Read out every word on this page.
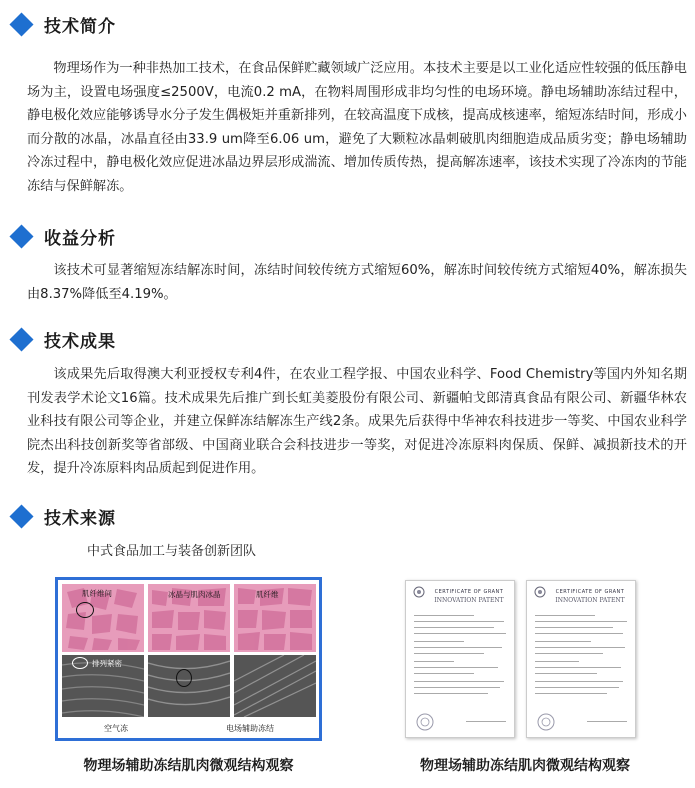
技术简介

物理场作为一种非热加工技术，在食品保鲜贮藏领域广泛应用。本技术主要是以工业化适应性较强的低压静电场为主，设置电场强度≤2500V，电流0.2 mA，在物料周围形成非均匀性的电场环境。静电场辅助冻结过程中，静电极化效应能够诱导水分子发生偶极矩并重新排列，在较高温度下成核，提高成核速率，缩短冻结时间，形成小而分散的冰晶，冰晶直径由33.9 um降至6.06 um，避免了大颗粒冰晶刺破肌肉细胞造成品质劣变；静电场辅助冷冻过程中，静电极化效应促进冰晶边界层形成湍流、增加传质传热，提高解冻速率，该技术实现了冷冻肉的节能冻结与保鲜解冻。

收益分析

该技术可显著缩短冻结解冻时间，冻结时间较传统方式缩短60%，解冻时间较传统方式缩短40%，解冻损失由8.37%降低至4.19%。

技术成果

该成果先后取得澳大利亚授权专利4件，在农业工程学报、中国农业科学、Food Chemistry等国内外知名期刊发表学术论文16篇。技术成果先后推广到长虹美菱股份有限公司、新疆帕戈郎清真食品有限公司、新疆华林农业科技有限公司等企业，并建立保鲜冻结解冻生产线2条。成果先后获得中华神农科技进步一等奖、中国农业科学院杰出科技创新奖等省部级、中国商业联合会科技进步一等奖，对促进冷冻原料肉保质、保鲜、减损新技术的开发，提升冷冻原料肉品质起到促进作用。

技术来源
中式食品加工与装备创新团队
肌纤维间	冰晶与肌肉冰晶	肌纤维
排列紧密
空气冻	电场辅助冻结
物理场辅助冻结肌肉微观结构观察
CERTIFICATE OF GRANT
INNOVATION PATENT
CERTIFICATE OF GRANT
INNOVATION PATENT
物理场辅助冻结肌肉微观结构观察
